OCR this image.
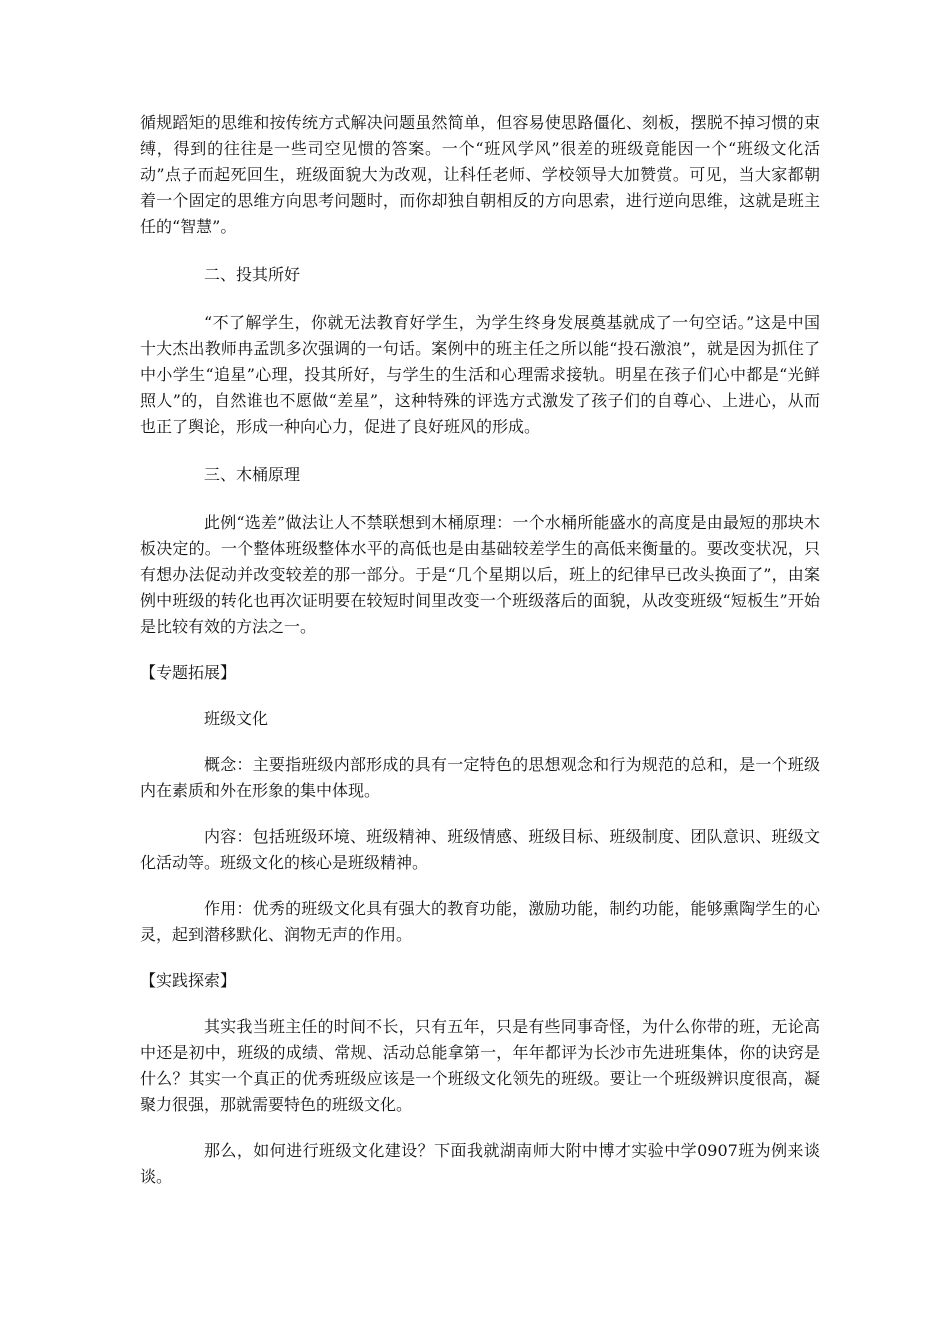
循规蹈矩的思维和按传统方式解决问题虽然简单，但容易使思路僵化、刻板，摆脱不掉习惯的束缚，得到的往往是一些司空见惯的答案。一个“班风学风”很差的班级竟能因一个“班级文化活动”点子而起死回生，班级面貌大为改观，让科任老师、学校领导大加赞赏。可见，当大家都朝着一个固定的思维方向思考问题时，而你却独自朝相反的方向思索，进行逆向思维，这就是班主任的“智慧”。

二、投其所好

“不了解学生，你就无法教育好学生，为学生终身发展奠基就成了一句空话。”这是中国十大杰出教师冉孟凯多次强调的一句话。案例中的班主任之所以能“投石激浪”，就是因为抓住了中小学生“追星”心理，投其所好，与学生的生活和心理需求接轨。明星在孩子们心中都是“光鲜照人”的，自然谁也不愿做“差星”，这种特殊的评选方式激发了孩子们的自尊心、上进心，从而也正了舆论，形成一种向心力，促进了良好班风的形成。

三、木桶原理

此例“选差”做法让人不禁联想到木桶原理：一个水桶所能盛水的高度是由最短的那块木板决定的。一个整体班级整体水平的高低也是由基础较差学生的高低来衡量的。要改变状况，只有想办法促动并改变较差的那一部分。于是“几个星期以后，班上的纪律早已改头换面了”，由案例中班级的转化也再次证明要在较短时间里改变一个班级落后的面貌，从改变班级“短板生”开始是比较有效的方法之一。

【专题拓展】

班级文化

概念：主要指班级内部形成的具有一定特色的思想观念和行为规范的总和，是一个班级内在素质和外在形象的集中体现。

内容：包括班级环境、班级精神、班级情感、班级目标、班级制度、团队意识、班级文化活动等。班级文化的核心是班级精神。

作用：优秀的班级文化具有强大的教育功能，激励功能，制约功能，能够熏陶学生的心灵，起到潜移默化、润物无声的作用。

【实践探索】

其实我当班主任的时间不长，只有五年，只是有些同事奇怪，为什么你带的班，无论高中还是初中，班级的成绩、常规、活动总能拿第一，年年都评为长沙市先进班集体，你的诀窍是什么？其实一个真正的优秀班级应该是一个班级文化领先的班级。要让一个班级辨识度很高，凝聚力很强，那就需要特色的班级文化。

那么，如何进行班级文化建设？下面我就湖南师大附中博才实验中学0907班为例来谈谈。
